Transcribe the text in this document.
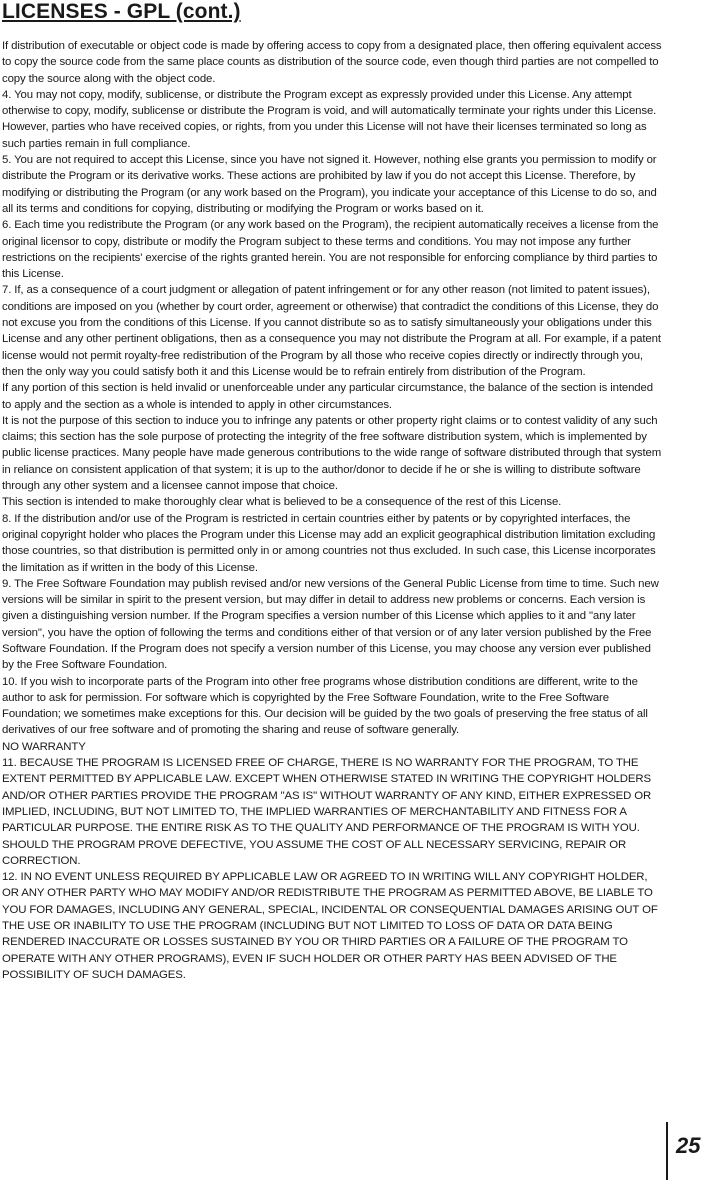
LICENSES - GPL (cont.)

If distribution of executable or object code is made by offering access to copy from a designated place, then offering equivalent access to copy the source code from the same place counts as distribution of the source code, even though third parties are not compelled to copy the source along with the object code.

4. You may not copy, modify, sublicense, or distribute the Program except as expressly provided under this License. Any attempt otherwise to copy, modify, sublicense or distribute the Program is void, and will automatically terminate your rights under this License. However, parties who have received copies, or rights, from you under this License will not have their licenses terminated so long as such parties remain in full compliance.

5. You are not required to accept this License, since you have not signed it. However, nothing else grants you permission to modify or distribute the Program or its derivative works. These actions are prohibited by law if you do not accept this License. Therefore, by modifying or distributing the Program (or any work based on the Program), you indicate your acceptance of this License to do so, and all its terms and conditions for copying, distributing or modifying the Program or works based on it.

6. Each time you redistribute the Program (or any work based on the Program), the recipient automatically receives a license from the original licensor to copy, distribute or modify the Program subject to these terms and conditions. You may not impose any further restrictions on the recipients' exercise of the rights granted herein. You are not responsible for enforcing compliance by third parties to this License.

7. If, as a consequence of a court judgment or allegation of patent infringement or for any other reason (not limited to patent issues), conditions are imposed on you (whether by court order, agreement or otherwise) that contradict the conditions of this License, they do not excuse you from the conditions of this License. If you cannot distribute so as to satisfy simultaneously your obligations under this License and any other pertinent obligations, then as a consequence you may not distribute the Program at all. For example, if a patent license would not permit royalty-free redistribution of the Program by all those who receive copies directly or indirectly through you, then the only way you could satisfy both it and this License would be to refrain entirely from distribution of the Program.

If any portion of this section is held invalid or unenforceable under any particular circumstance, the balance of the section is intended to apply and the section as a whole is intended to apply in other circumstances.

It is not the purpose of this section to induce you to infringe any patents or other property right claims or to contest validity of any such claims; this section has the sole purpose of protecting the integrity of the free software distribution system, which is implemented by public license practices. Many people have made generous contributions to the wide range of software distributed through that system in reliance on consistent application of that system; it is up to the author/donor to decide if he or she is willing to distribute software through any other system and a licensee cannot impose that choice.

This section is intended to make thoroughly clear what is believed to be a consequence of the rest of this License.

8. If the distribution and/or use of the Program is restricted in certain countries either by patents or by copyrighted interfaces, the original copyright holder who places the Program under this License may add an explicit geographical distribution limitation excluding those countries, so that distribution is permitted only in or among countries not thus excluded. In such case, this License incorporates the limitation as if written in the body of this License.

9. The Free Software Foundation may publish revised and/or new versions of the General Public License from time to time. Such new versions will be similar in spirit to the present version, but may differ in detail to address new problems or concerns. Each version is given a distinguishing version number. If the Program specifies a version number of this License which applies to it and "any later version", you have the option of following the terms and conditions either of that version or of any later version published by the Free Software Foundation. If the Program does not specify a version number of this License, you may choose any version ever published by the Free Software Foundation.

10. If you wish to incorporate parts of the Program into other free programs whose distribution conditions are different, write to the author to ask for permission. For software which is copyrighted by the Free Software Foundation, write to the Free Software Foundation; we sometimes make exceptions for this. Our decision will be guided by the two goals of preserving the free status of all derivatives of our free software and of promoting the sharing and reuse of software generally.

NO WARRANTY

11. BECAUSE THE PROGRAM IS LICENSED FREE OF CHARGE, THERE IS NO WARRANTY FOR THE PROGRAM, TO THE EXTENT PERMITTED BY APPLICABLE LAW. EXCEPT WHEN OTHERWISE STATED IN WRITING THE COPYRIGHT HOLDERS AND/OR OTHER PARTIES PROVIDE THE PROGRAM "AS IS" WITHOUT WARRANTY OF ANY KIND, EITHER EXPRESSED OR IMPLIED, INCLUDING, BUT NOT LIMITED TO, THE IMPLIED WARRANTIES OF MERCHANTABILITY AND FITNESS FOR A PARTICULAR PURPOSE. THE ENTIRE RISK AS TO THE QUALITY AND PERFORMANCE OF THE PROGRAM IS WITH YOU. SHOULD THE PROGRAM PROVE DEFECTIVE, YOU ASSUME THE COST OF ALL NECESSARY SERVICING, REPAIR OR CORRECTION.

12. IN NO EVENT UNLESS REQUIRED BY APPLICABLE LAW OR AGREED TO IN WRITING WILL ANY COPYRIGHT HOLDER, OR ANY OTHER PARTY WHO MAY MODIFY AND/OR REDISTRIBUTE THE PROGRAM AS PERMITTED ABOVE, BE LIABLE TO YOU FOR DAMAGES, INCLUDING ANY GENERAL, SPECIAL, INCIDENTAL OR CONSEQUENTIAL DAMAGES ARISING OUT OF THE USE OR INABILITY TO USE THE PROGRAM (INCLUDING BUT NOT LIMITED TO LOSS OF DATA OR DATA BEING RENDERED INACCURATE OR LOSSES SUSTAINED BY YOU OR THIRD PARTIES OR A FAILURE OF THE PROGRAM TO OPERATE WITH ANY OTHER PROGRAMS), EVEN IF SUCH HOLDER OR OTHER PARTY HAS BEEN ADVISED OF THE POSSIBILITY OF SUCH DAMAGES.

25
